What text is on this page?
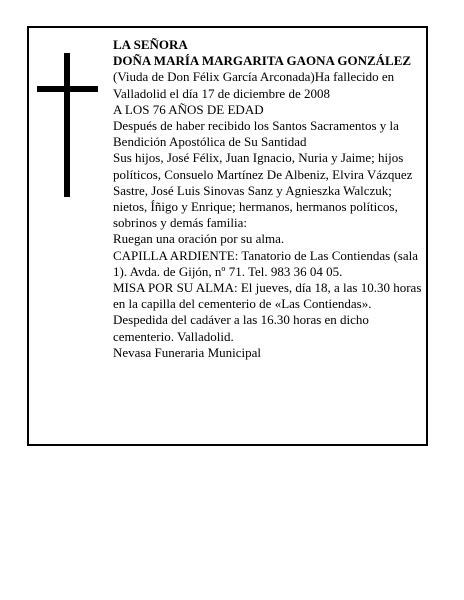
LA SEÑORA

DOÑA MARÍA MARGARITA GAONA GONZÁLEZ

(Viuda de Don Félix García Arconada)Ha fallecido en Valladolid el día 17 de diciembre de 2008

A LOS 76 AÑOS DE EDAD

Después de haber recibido los Santos Sacramentos y la Bendición Apostólica de Su Santidad

Sus hijos, José Félix, Juan Ignacio, Nuria y Jaime; hijos políticos, Consuelo Martínez De Albeniz, Elvira Vázquez Sastre, José Luis Sinovas Sanz y Agnieszka Walczuk; nietos, Íñigo y Enrique; hermanos, hermanos políticos, sobrinos y demás familia:

Ruegan una oración por su alma.

CAPILLA ARDIENTE: Tanatorio de Las Contiendas (sala 1). Avda. de Gijón, nº 71. Tel. 983 36 04 05.

MISA POR SU ALMA: El jueves, día 18, a las 10.30 horas en la capilla del cementerio de «Las Contiendas». Despedida del cadáver a las 16.30 horas en dicho cementerio. Valladolid.

Nevasa Funeraria Municipal
